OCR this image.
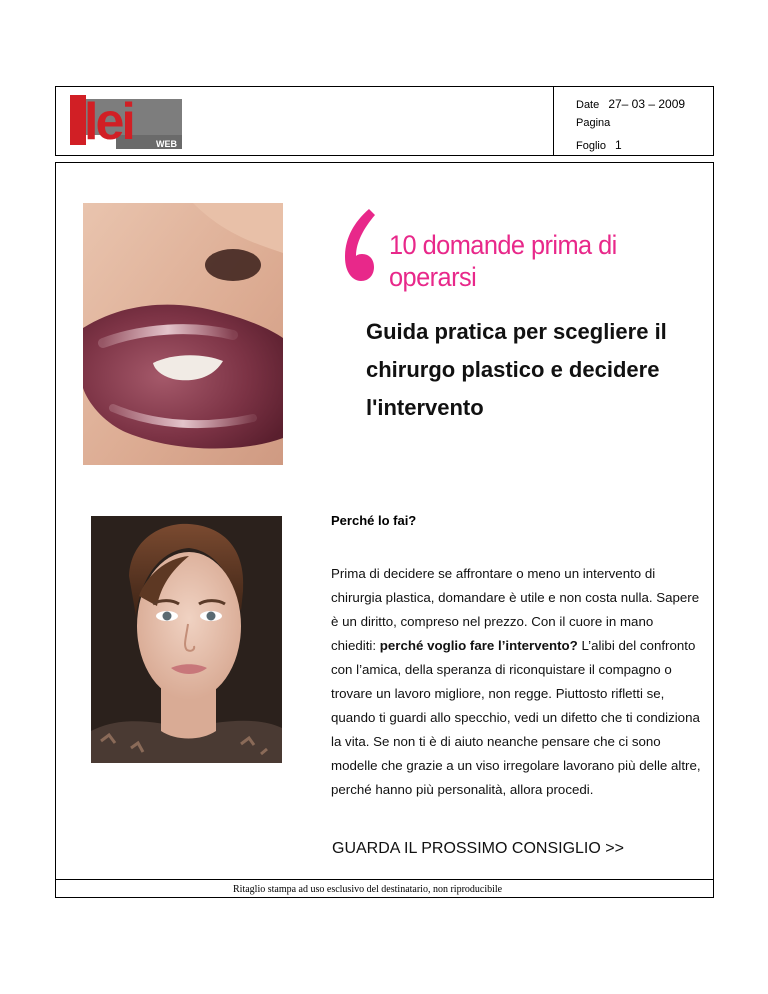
lei	WEB
Date 27– 03 – 2009
Pagina
Foglio 1
10 domande prima di operarsi
Guida pratica per scegliere il chirurgo plastico e decidere l'intervento
Perché lo fai?

Prima di decidere se affrontare o meno un intervento di chirurgia plastica, domandare è utile e non costa nulla. Sapere è un diritto, compreso nel prezzo. Con il cuore in mano chiediti: perché voglio fare l’intervento? L’alibi del confronto con l’amica, della speranza di riconquistare il compagno o trovare un lavoro migliore, non regge. Piuttosto rifletti se, quando ti guardi allo specchio, vedi un difetto che ti condiziona la vita. Se non ti è di aiuto neanche pensare che ci sono modelle che grazie a un viso irregolare lavorano più delle altre, perché hanno più personalità, allora procedi.

GUARDA IL PROSSIMO CONSIGLIO >>
Ritaglio stampa ad uso esclusivo del destinatario, non riproducibile
